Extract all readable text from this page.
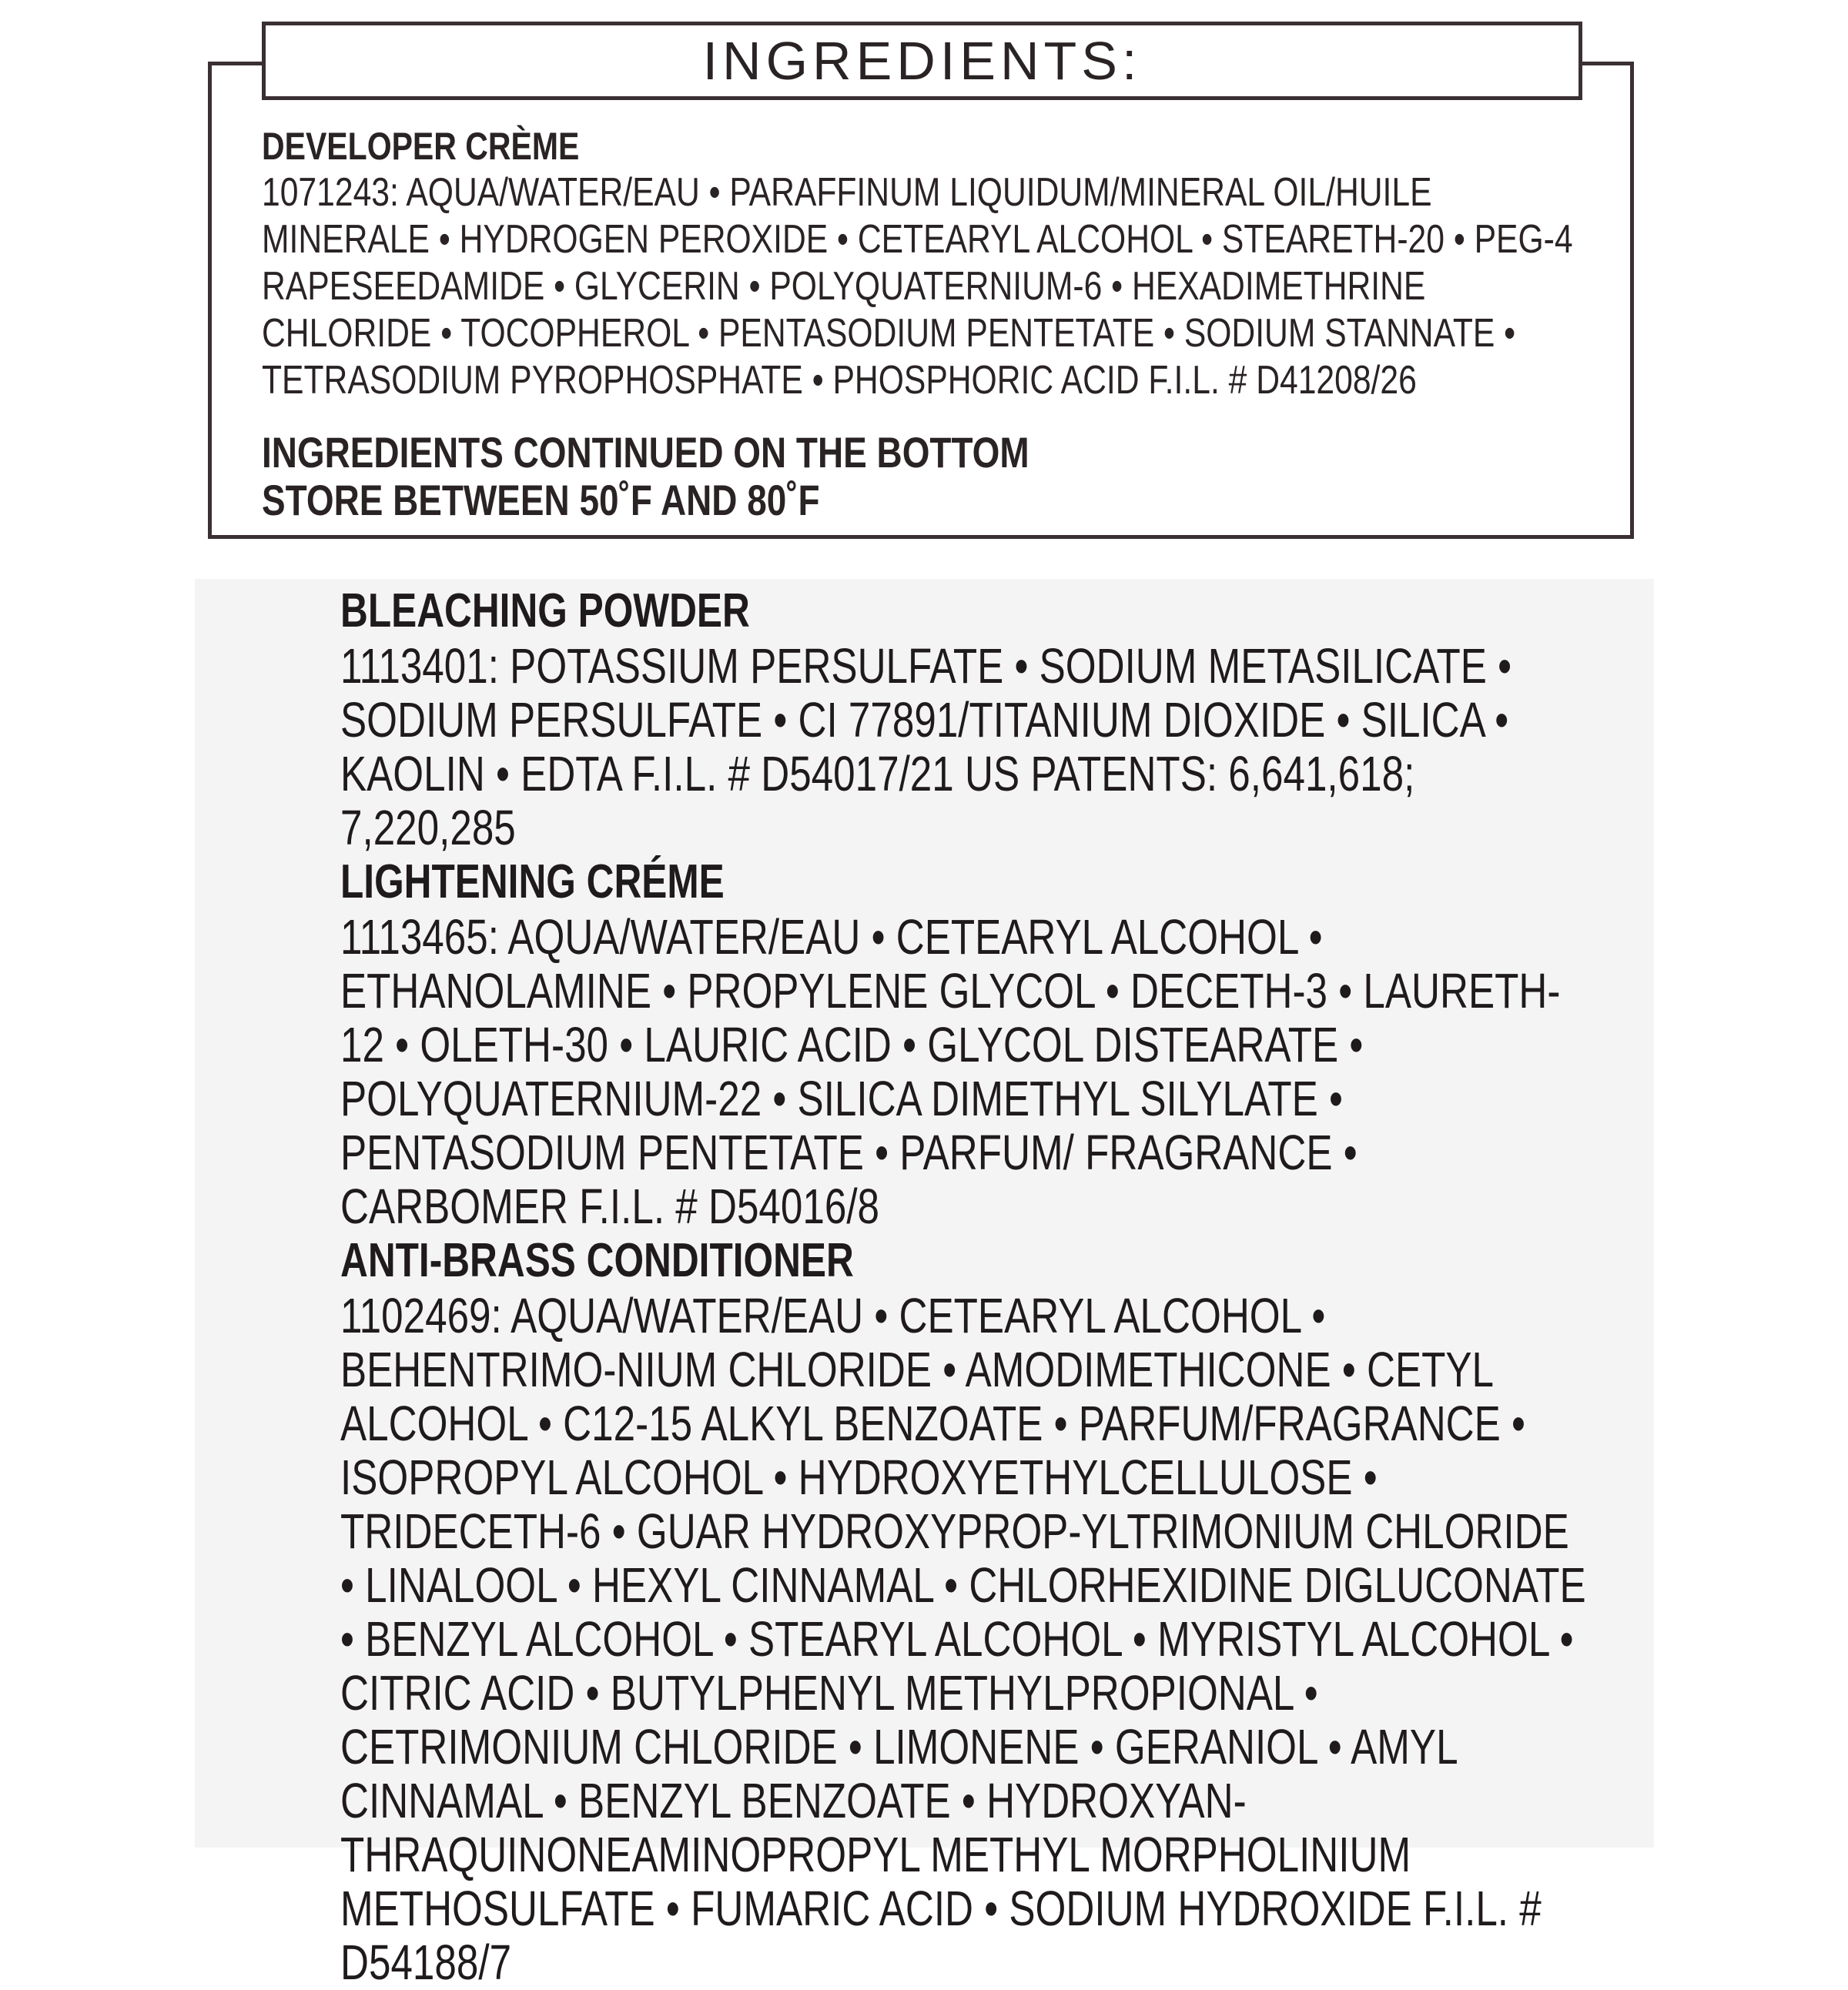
INGREDIENTS:
DEVELOPER CRÈME
1071243: AQUA/WATER/EAU • PARAFFINUM LIQUIDUM/MINERAL OIL/HUILE MINERALE • HYDROGEN PEROXIDE • CETEARYL ALCOHOL • STEARETH-20 • PEG-4 RAPESEEDAMIDE • GLYCERIN • POLYQUATERNIUM-6 • HEXADIMETHRINE CHLORIDE • TOCOPHEROL • PENTASODIUM PENTETATE • SODIUM STANNATE • TETRASODIUM PYROPHOSPHATE • PHOSPHORIC ACID F.I.L. # D41208/26
INGREDIENTS CONTINUED ON THE BOTTOM
STORE BETWEEN 50˚F AND 80˚F
BLEACHING POWDER
1113401: POTASSIUM PERSULFATE • SODIUM METASILICATE • SODIUM PERSULFATE • CI 77891/TITANIUM DIOXIDE • SILICA • KAOLIN • EDTA F.I.L. # D54017/21 US PATENTS: 6,641,618; 7,220,285
LIGHTENING CRÉME
1113465: AQUA/WATER/EAU • CETEARYL ALCOHOL • ETHANOLAMINE • PROPYLENE GLYCOL • DECETH-3 • LAURETH-12 • OLETH-30 • LAURIC ACID • GLYCOL DISTEARATE • POLYQUATERNIUM-22 • SILICA DIMETHYL SILYLATE • PENTASODIUM PENTETATE • PARFUM/ FRAGRANCE • CARBOMER F.I.L. # D54016/8
ANTI-BRASS CONDITIONER
1102469: AQUA/WATER/EAU • CETEARYL ALCOHOL • BEHENTRIMO-NIUM CHLORIDE • AMODIMETHICONE • CETYL ALCOHOL • C12-15 ALKYL BENZOATE • PARFUM/FRAGRANCE • ISOPROPYL ALCOHOL • HYDROXYETHYLCELLULOSE • TRIDECETH-6 • GUAR HYDROXYPROP-YLTRIMONIUM CHLORIDE • LINALOOL • HEXYL CINNAMAL • CHLORHEXIDINE DIGLUCONATE • BENZYL ALCOHOL • STEARYL ALCOHOL • MYRISTYL ALCOHOL • CITRIC ACID • BUTYLPHENYL METHYLPROPIONAL • CETRIMONIUM CHLORIDE • LIMONENE • GERANIOL • AMYL CINNAMAL • BENZYL BENZOATE • HYDROXYAN-THRAQUINONEAMINOPROPYL METHYL MORPHOLINIUM METHOSULFATE • FUMARIC ACID • SODIUM HYDROXIDE F.I.L. # D54188/7
